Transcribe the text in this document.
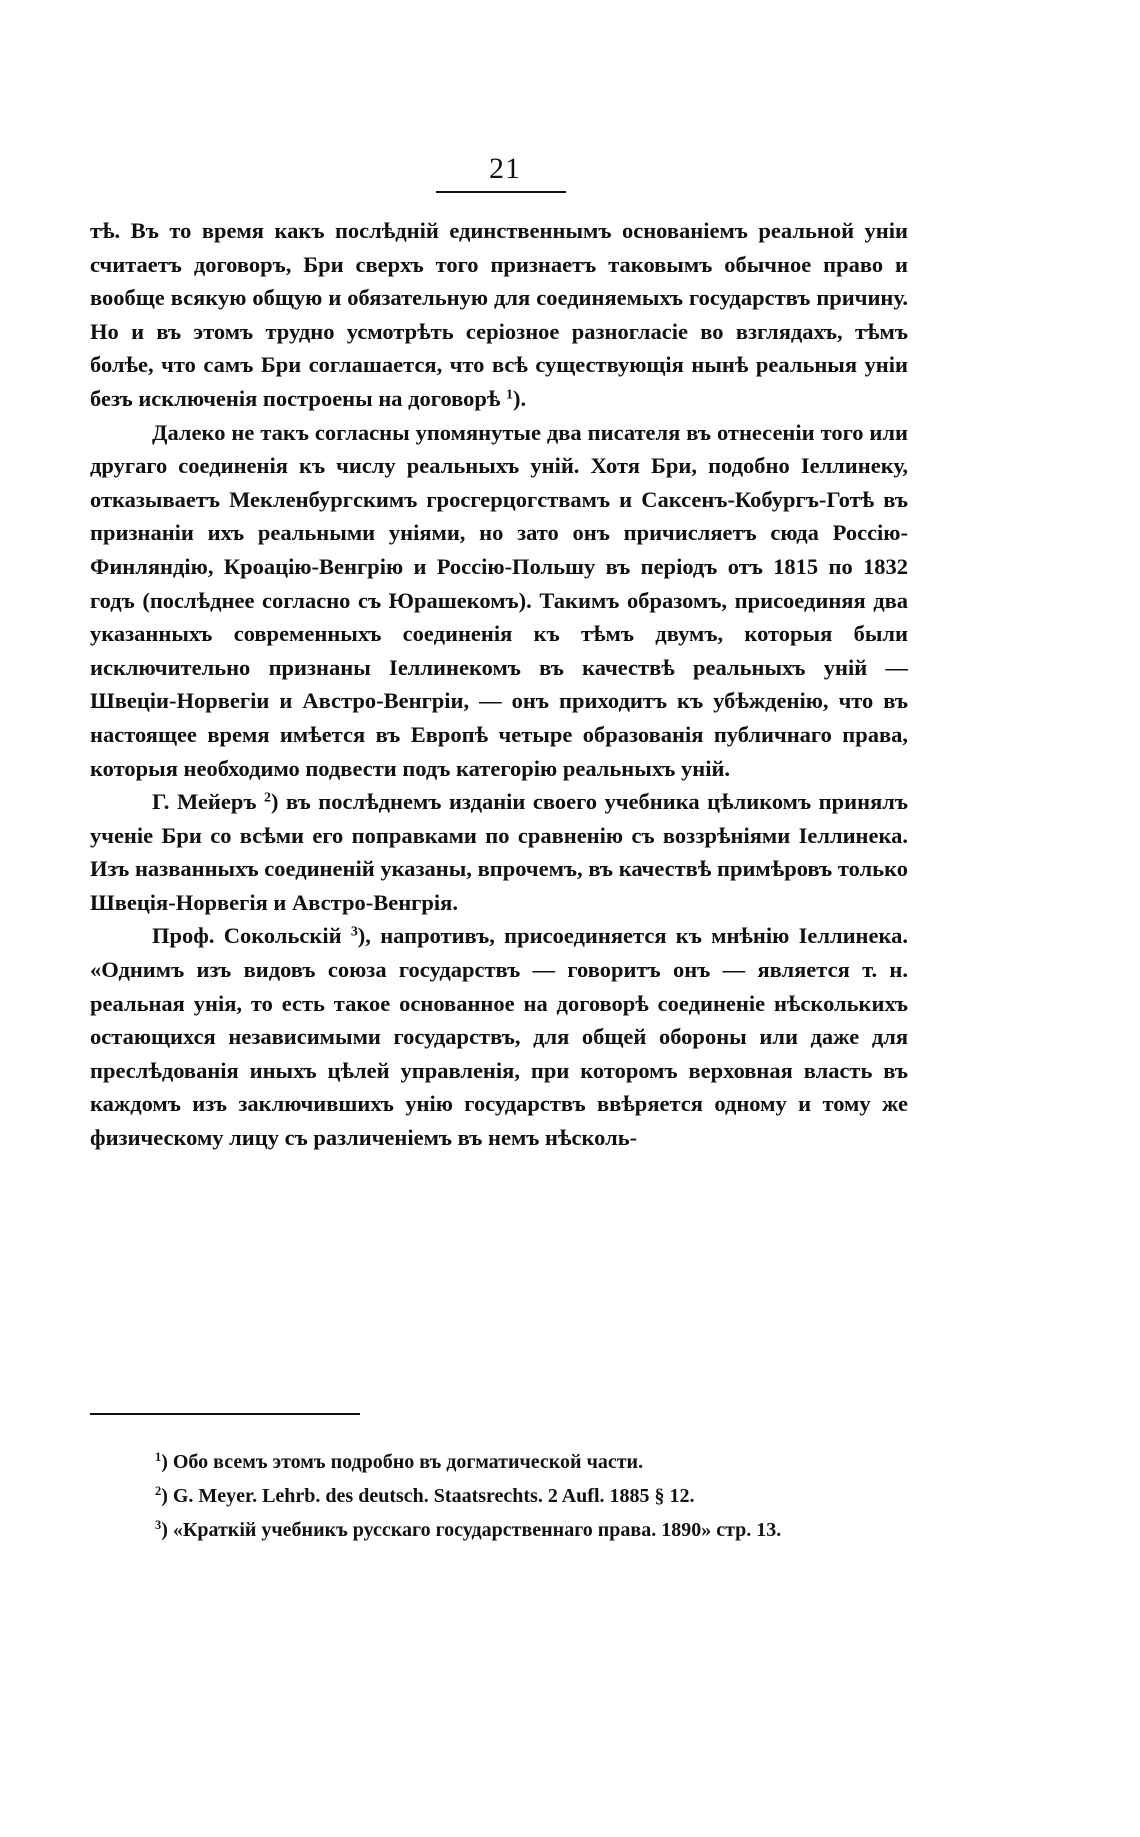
21

тѣ. Въ то время какъ послѣдній единственнымъ основаніемъ реальной уніи считаетъ договоръ, Бри сверхъ того признаетъ таковымъ обычное право и вообще всякую общую и обязательную для соединяемыхъ государствъ причину. Но и въ этомъ трудно усмотрѣть серіозное разногласіе во взглядахъ, тѣмъ болѣе, что самъ Бри соглашается, что всѣ существующія нынѣ реальныя уніи безъ исключенія построены на договорѣ $^1$).

Далеко не такъ согласны упомянутые два писателя въ отнесеніи того или другаго соединенія къ числу реальныхъ уній. Хотя Бри, подобно Іеллинеку, отказываетъ Мекленбургскимъ гросгерцогствамъ и Саксенъ-Кобургъ-Готѣ въ признаніи ихъ реальными уніями, но зато онъ причисляетъ сюда Россію-Финляндію, Кроацію-Венгрію и Россію-Польшу въ періодъ отъ 1815 по 1832 годъ (послѣднее согласно съ Юрашекомъ). Такимъ образомъ, присоединяя два указанныхъ современныхъ соединенія къ тѣмъ двумъ, которыя были исключительно признаны Іеллинекомъ въ качествѣ реальныхъ уній — Швеціи-Норвегіи и Австро-Венгріи, — онъ приходитъ къ убѣжденію, что въ настоящее время имѣется въ Европѣ четыре образованія публичнаго права, которыя необходимо подвести подъ категорію реальныхъ уній.

Г. Мейеръ $^2$) въ послѣднемъ изданіи своего учебника цѣликомъ принялъ ученіе Бри со всѣми его поправками по сравненію съ воззрѣніями Іеллинека. Изъ названныхъ соединеній указаны, впрочемъ, въ качествѣ примѣровъ только Швеція-Норвегія и Австро-Венгрія.

Проф. Сокольскій $^3$), напротивъ, присоединяется къ мнѣнію Іеллинека. «Однимъ изъ видовъ союза государствъ — говоритъ онъ — является т. н. реальная унія, то есть такое основанное на договорѣ соединеніе нѣсколькихъ остающихся независимыми государствъ, для общей обороны или даже для преслѣдованія иныхъ цѣлей управленія, при которомъ верховная власть въ каждомъ изъ заключившихъ унію государствъ ввѣряется одному и тому же физическому лицу съ различеніемъ въ немъ нѣсколь-

$^1$) Обо всемъ этомъ подробно въ догматической части.

$^2$) G. Meyer. Lehrb. des deutsch. Staatsrechts. 2 Aufl. 1885 § 12.

$^3$) «Краткій учебникъ русскаго государственнаго права. 1890» стр. 13.
